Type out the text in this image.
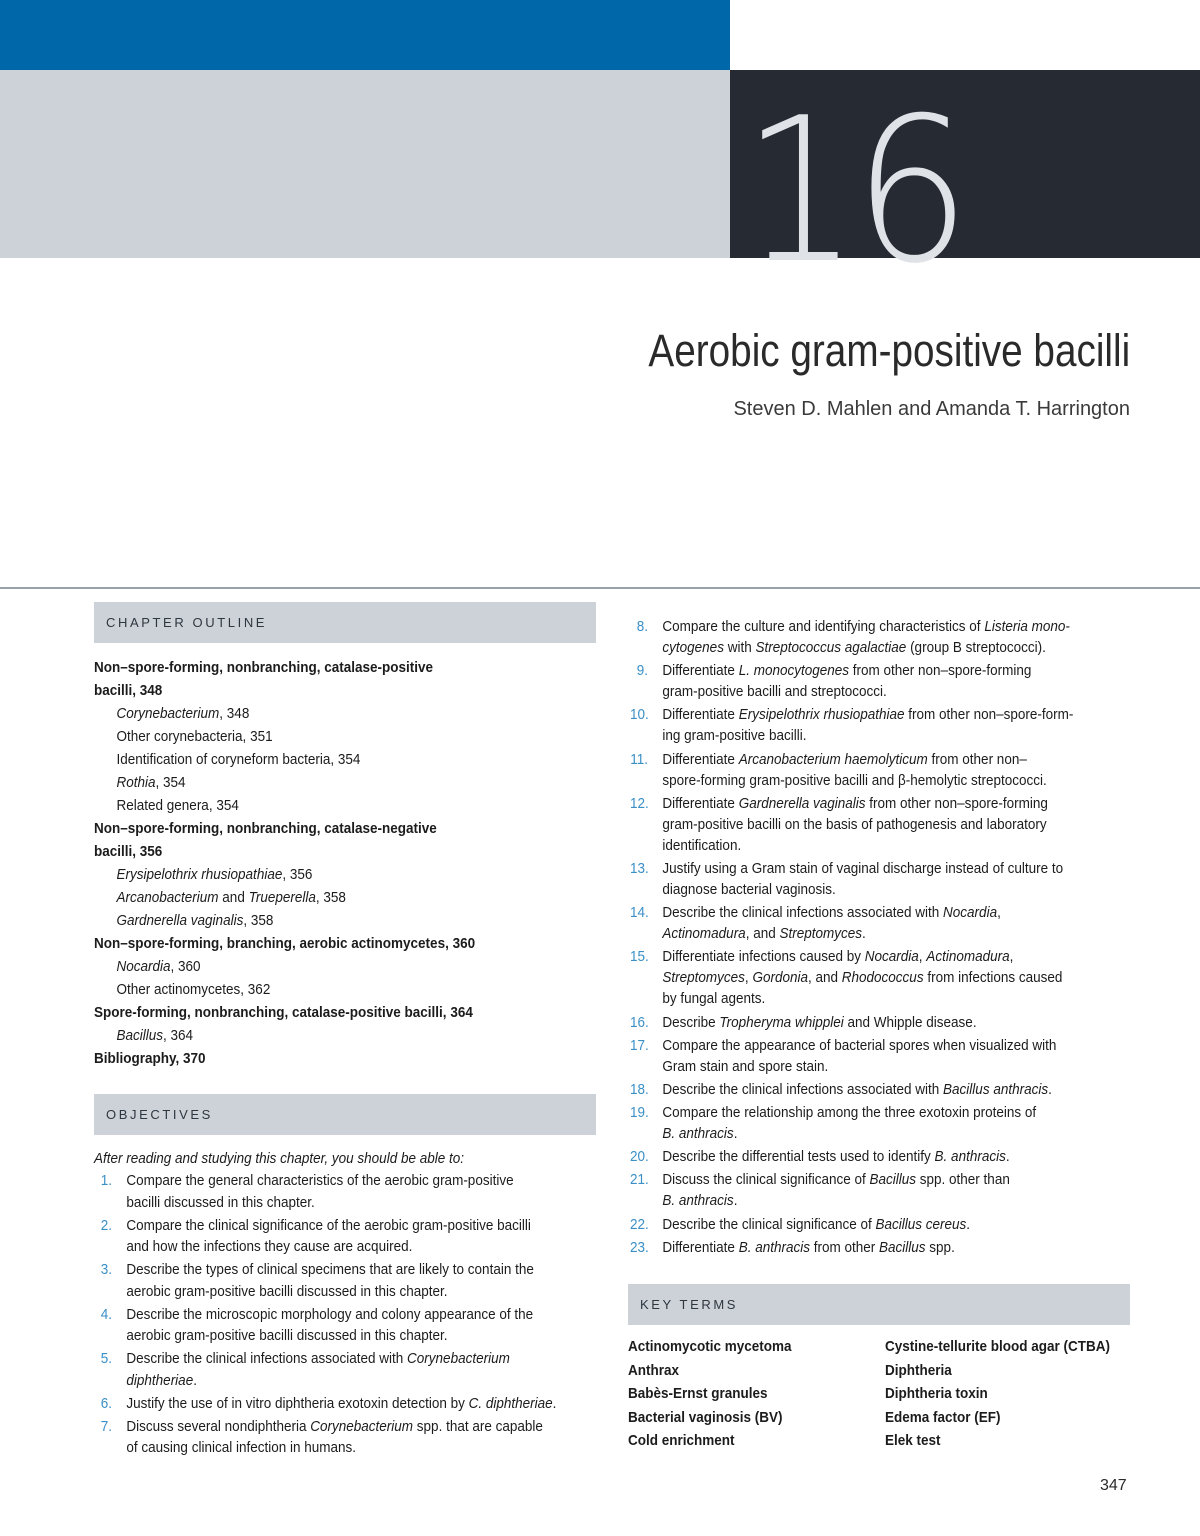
16
Aerobic gram-positive bacilli
Steven D. Mahlen and Amanda T. Harrington
CHAPTER OUTLINE
Non–spore-forming, nonbranching, catalase-positive
bacilli, 348
Corynebacterium, 348
Other corynebacteria, 351
Identification of coryneform bacteria, 354
Rothia, 354
Related genera, 354
Non–spore-forming, nonbranching, catalase-negative
bacilli, 356
Erysipelothrix rhusiopathiae, 356
Arcanobacterium and Trueperella, 358
Gardnerella vaginalis, 358
Non–spore-forming, branching, aerobic actinomycetes, 360
Nocardia, 360
Other actinomycetes, 362
Spore-forming, nonbranching, catalase-positive bacilli, 364
Bacillus, 364
Bibliography, 370
OBJECTIVES
After reading and studying this chapter, you should be able to:
1. Compare the general characteristics of the aerobic gram-positive
bacilli discussed in this chapter.
2. Compare the clinical significance of the aerobic gram-positive bacilli
and how the infections they cause are acquired.
3. Describe the types of clinical specimens that are likely to contain the
aerobic gram-positive bacilli discussed in this chapter.
4. Describe the microscopic morphology and colony appearance of the
aerobic gram-positive bacilli discussed in this chapter.
5. Describe the clinical infections associated with Corynebacterium
diphtheriae.
6. Justify the use of in vitro diphtheria exotoxin detection by C. diphtheriae.
7. Discuss several nondiphtheria Corynebacterium spp. that are capable
of causing clinical infection in humans.
8. Compare the culture and identifying characteristics of Listeria mono-
cytogenes with Streptococcus agalactiae (group B streptococci).
9. Differentiate L. monocytogenes from other non–spore-forming
gram-positive bacilli and streptococci.
10. Differentiate Erysipelothrix rhusiopathiae from other non–spore-form-
ing gram-positive bacilli.
11. Differentiate Arcanobacterium haemolyticum from other non–
spore-forming gram-positive bacilli and β-hemolytic streptococci.
12. Differentiate Gardnerella vaginalis from other non–spore-forming
gram-positive bacilli on the basis of pathogenesis and laboratory
identification.
13. Justify using a Gram stain of vaginal discharge instead of culture to
diagnose bacterial vaginosis.
14. Describe the clinical infections associated with Nocardia,
Actinomadura, and Streptomyces.
15. Differentiate infections caused by Nocardia, Actinomadura,
Streptomyces, Gordonia, and Rhodococcus from infections caused
by fungal agents.
16. Describe Tropheryma whipplei and Whipple disease.
17. Compare the appearance of bacterial spores when visualized with
Gram stain and spore stain.
18. Describe the clinical infections associated with Bacillus anthracis.
19. Compare the relationship among the three exotoxin proteins of
B. anthracis.
20. Describe the differential tests used to identify B. anthracis.
21. Discuss the clinical significance of Bacillus spp. other than
B. anthracis.
22. Describe the clinical significance of Bacillus cereus.
23. Differentiate B. anthracis from other Bacillus spp.
KEY TERMS
Actinomycotic mycetoma
Anthrax
Babès-Ernst granules
Bacterial vaginosis (BV)
Cold enrichment
Cystine-tellurite blood agar (CTBA)
Diphtheria
Diphtheria toxin
Edema factor (EF)
Elek test
347
